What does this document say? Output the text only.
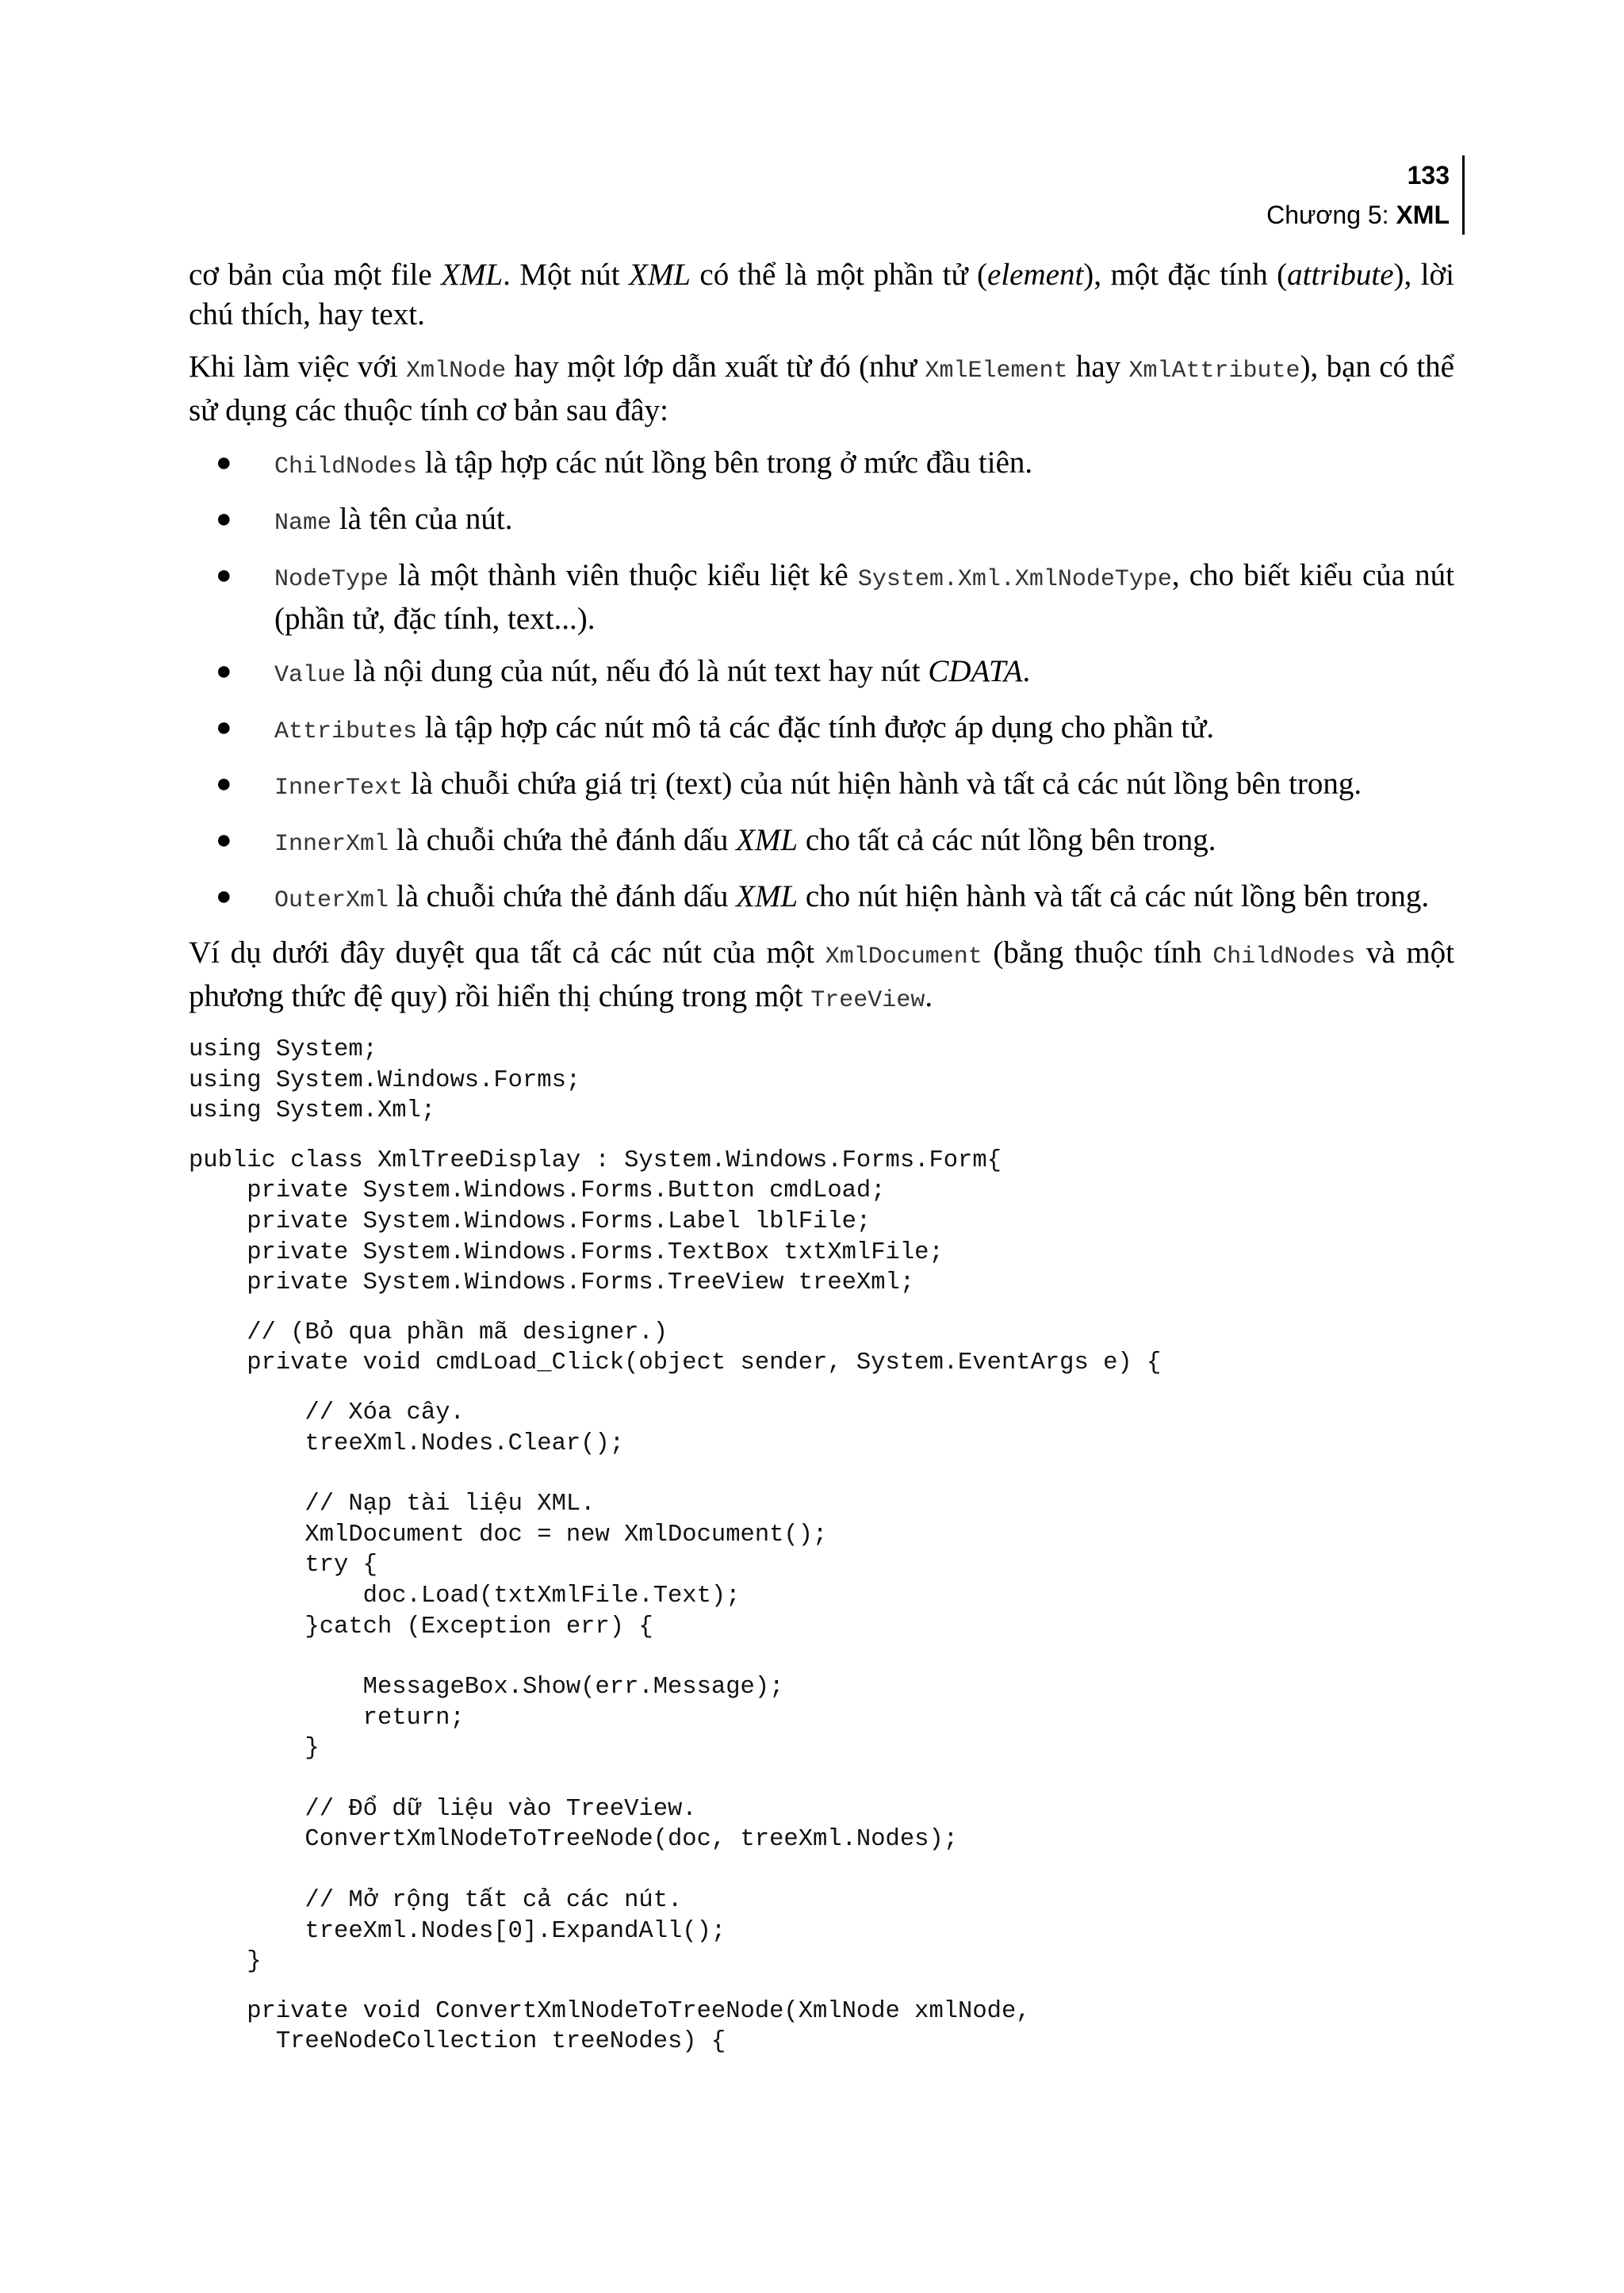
133
Chương 5: XML

cơ bản của một file XML. Một nút XML có thể là một phần tử (element), một đặc tính (attribute), lời chú thích, hay text.

Khi làm việc với XmlNode hay một lớp dẫn xuất từ đó (như XmlElement hay XmlAttribute), bạn có thể sử dụng các thuộc tính cơ bản sau đây:

● ChildNodes là tập hợp các nút lồng bên trong ở mức đầu tiên.
● Name là tên của nút.
● NodeType là một thành viên thuộc kiểu liệt kê System.Xml.XmlNodeType, cho biết kiểu của nút (phần tử, đặc tính, text...).
● Value là nội dung của nút, nếu đó là nút text hay nút CDATA.
● Attributes là tập hợp các nút mô tả các đặc tính được áp dụng cho phần tử.
● InnerText là chuỗi chứa giá trị (text) của nút hiện hành và tất cả các nút lồng bên trong.
● InnerXml là chuỗi chứa thẻ đánh dấu XML cho tất cả các nút lồng bên trong.
● OuterXml là chuỗi chứa thẻ đánh dấu XML cho nút hiện hành và tất cả các nút lồng bên trong.

Ví dụ dưới đây duyệt qua tất cả các nút của một XmlDocument (bằng thuộc tính ChildNodes và một phương thức đệ quy) rồi hiển thị chúng trong một TreeView.

using System;
using System.Windows.Forms;
using System.Xml;
public class XmlTreeDisplay : System.Windows.Forms.Form{
private System.Windows.Forms.Button cmdLoad;
private System.Windows.Forms.Label lblFile;
private System.Windows.Forms.TextBox txtXmlFile;
private System.Windows.Forms.TreeView treeXml;
// (Bỏ qua phần mã designer.)
private void cmdLoad_Click(object sender, System.EventArgs e) {
// Xóa cây.
treeXml.Nodes.Clear();
// Nạp tài liệu XML.
XmlDocument doc = new XmlDocument();
try {
doc.Load(txtXmlFile.Text);
}catch (Exception err) {
MessageBox.Show(err.Message);
return;
}
// Đổ dữ liệu vào TreeView.
ConvertXmlNodeToTreeNode(doc, treeXml.Nodes);
// Mở rộng tất cả các nút.
treeXml.Nodes[0].ExpandAll();
}
private void ConvertXmlNodeToTreeNode(XmlNode xmlNode,
TreeNodeCollection treeNodes) {
